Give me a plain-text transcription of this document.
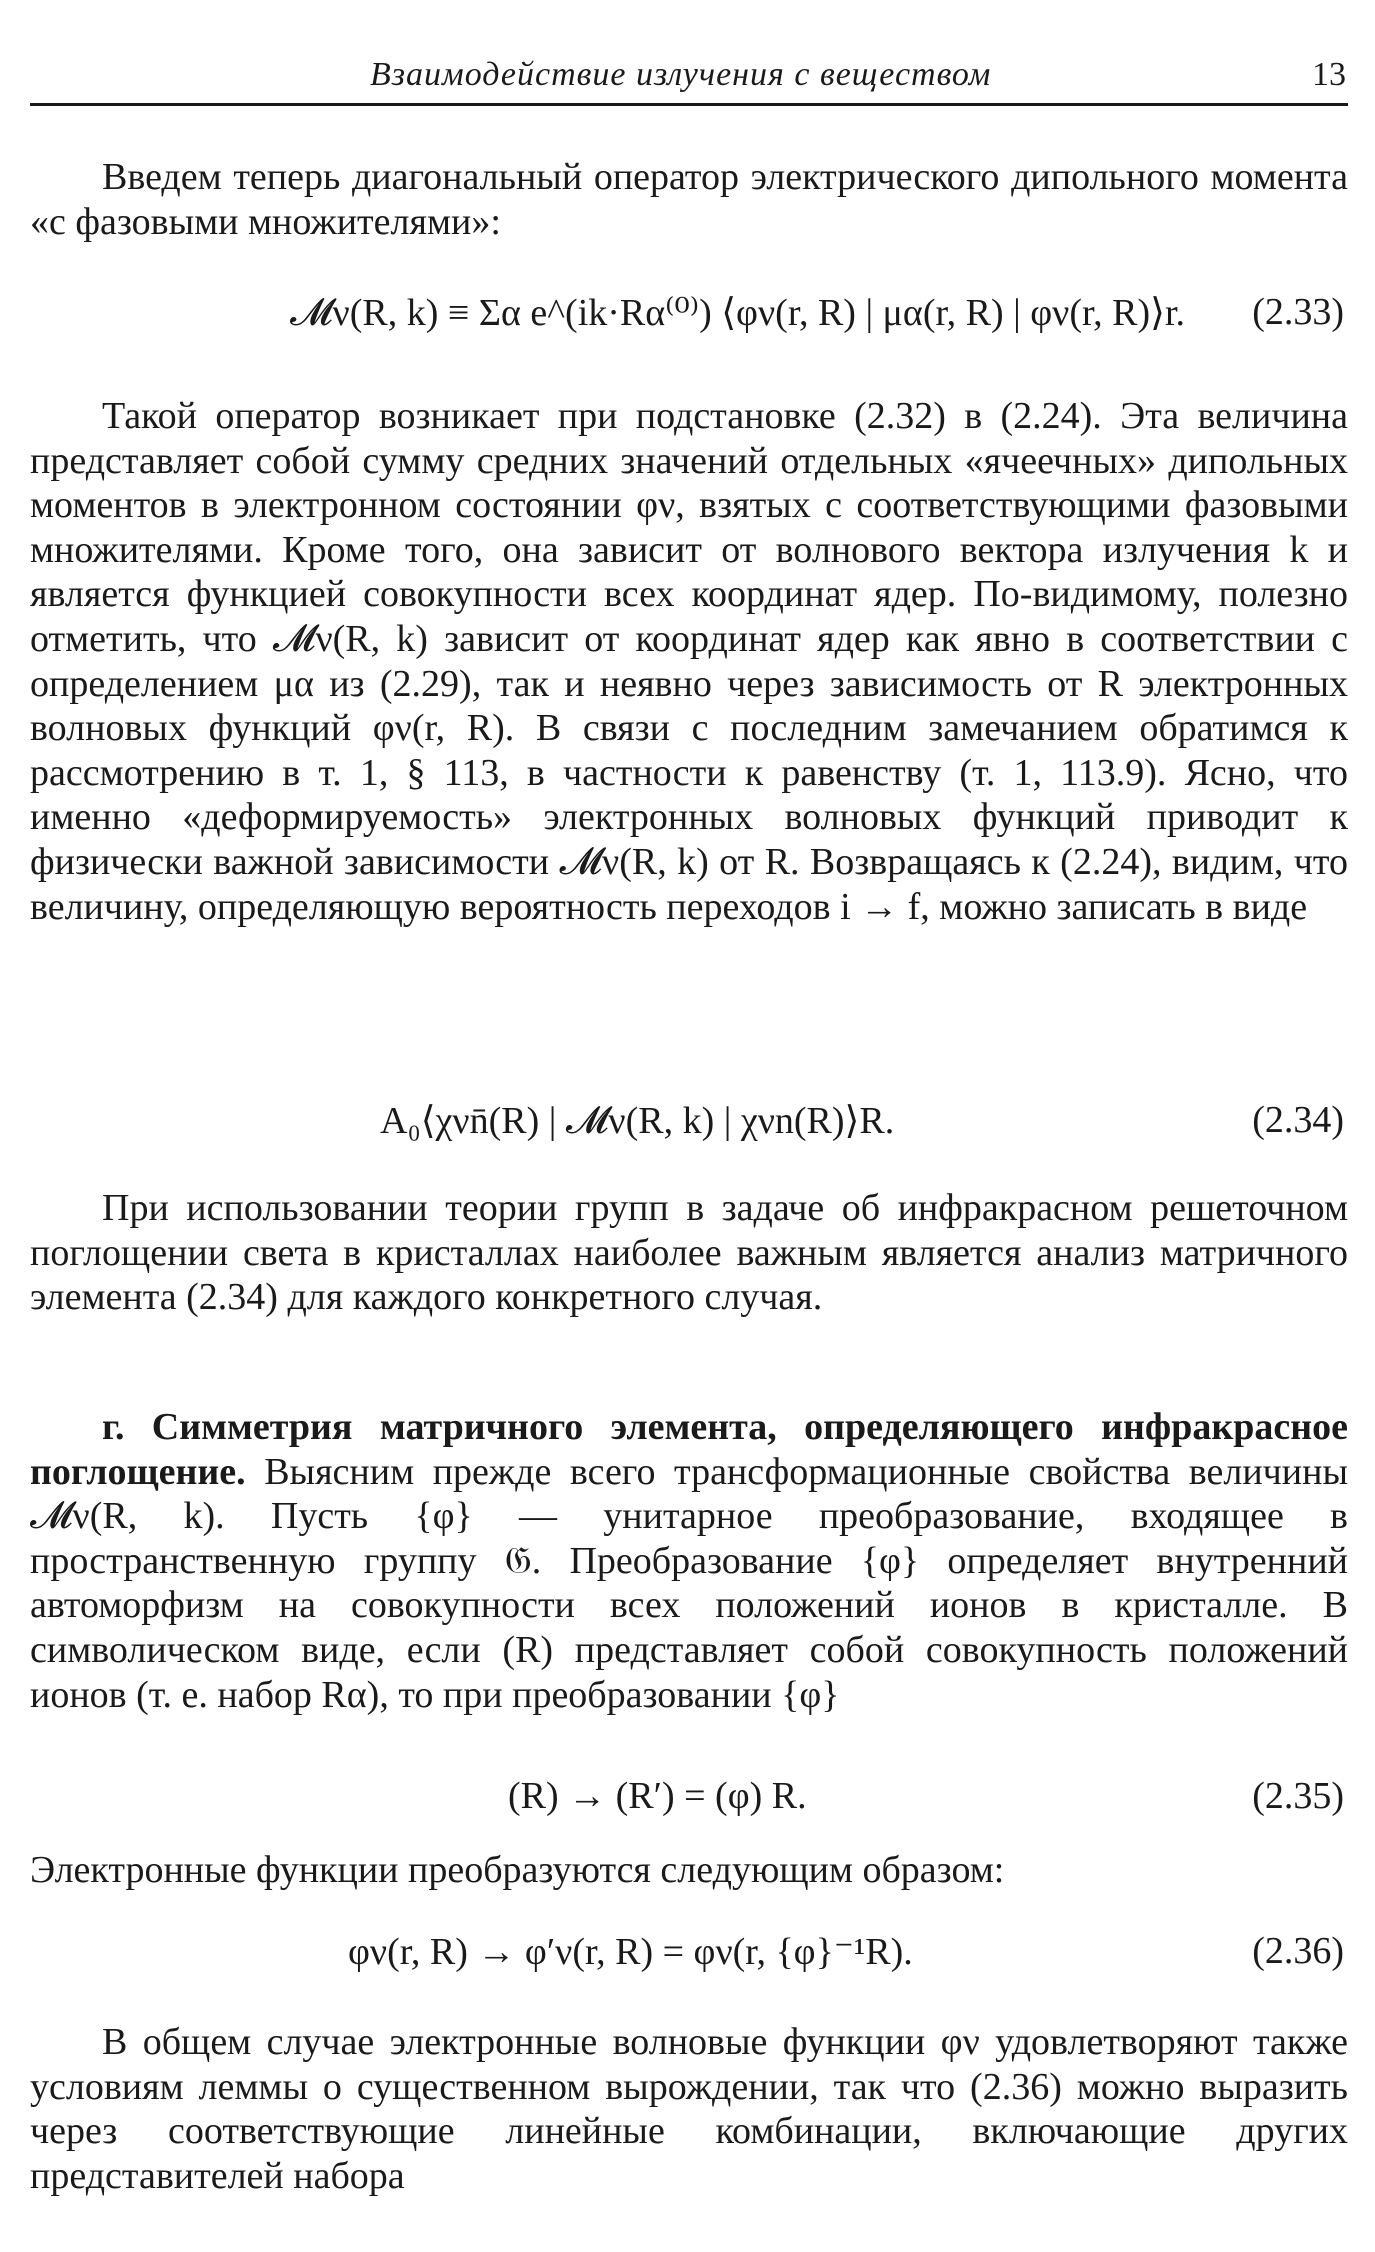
Взаимодействие излучения с веществом	13

Введем теперь диагональный оператор электрического дипольного момента «с фазовыми множителями»:

𝓜ν(R, k) ≡ Σα e^(ik·Rα⁽⁰⁾) ⟨φν(r, R) | μα(r, R) | φν(r, R)⟩r. (2.33)

Такой оператор возникает при подстановке (2.32) в (2.24). Эта величина представляет собой сумму средних значений отдельных «ячеечных» дипольных моментов в электронном состоянии φν, взятых с соответствующими фазовыми множителями. Кроме того, она зависит от волнового вектора излучения k и является функцией совокупности всех координат ядер. По-видимому, полезно отметить, что 𝓜ν(R, k) зависит от координат ядер как явно в соответствии с определением μα из (2.29), так и неявно через зависимость от R электронных волновых функций φν(r, R). В связи с последним замечанием обратимся к рассмотрению в т. 1, § 113, в частности к равенству (т. 1, 113.9). Ясно, что именно «деформируемость» электронных волновых функций приводит к физически важной зависимости 𝓜ν(R, k) от R. Возвращаясь к (2.24), видим, что величину, определяющую вероятность переходов i → f, можно записать в виде

A₀⟨χνn̄(R) | 𝓜ν(R, k) | χνn(R)⟩R.	(2.34)

При использовании теории групп в задаче об инфракрасном решеточном поглощении света в кристаллах наиболее важным является анализ матричного элемента (2.34) для каждого конкретного случая.

г. Симметрия матричного элемента, определяющего инфракрасное поглощение. Выясним прежде всего трансформационные свойства величины 𝓜ν(R, k). Пусть {φ} — унитарное преобразование, входящее в пространственную группу 𝔊. Преобразование {φ} определяет внутренний автоморфизм на совокупности всех положений ионов в кристалле. В символическом виде, если (R) представляет собой совокупность положений ионов (т. е. набор Rα), то при преобразовании {φ}

(R) → (R′) = (φ) R.	(2.35)

Электронные функции преобразуются следующим образом:

φν(r, R) → φ′ν(r, R) = φν(r, {φ}⁻¹R).	(2.36)

В общем случае электронные волновые функции φν удовлетворяют также условиям леммы о существенном вырождении, так что (2.36) можно выразить через соответствующие линейные комбинации, включающие других представителей набора
